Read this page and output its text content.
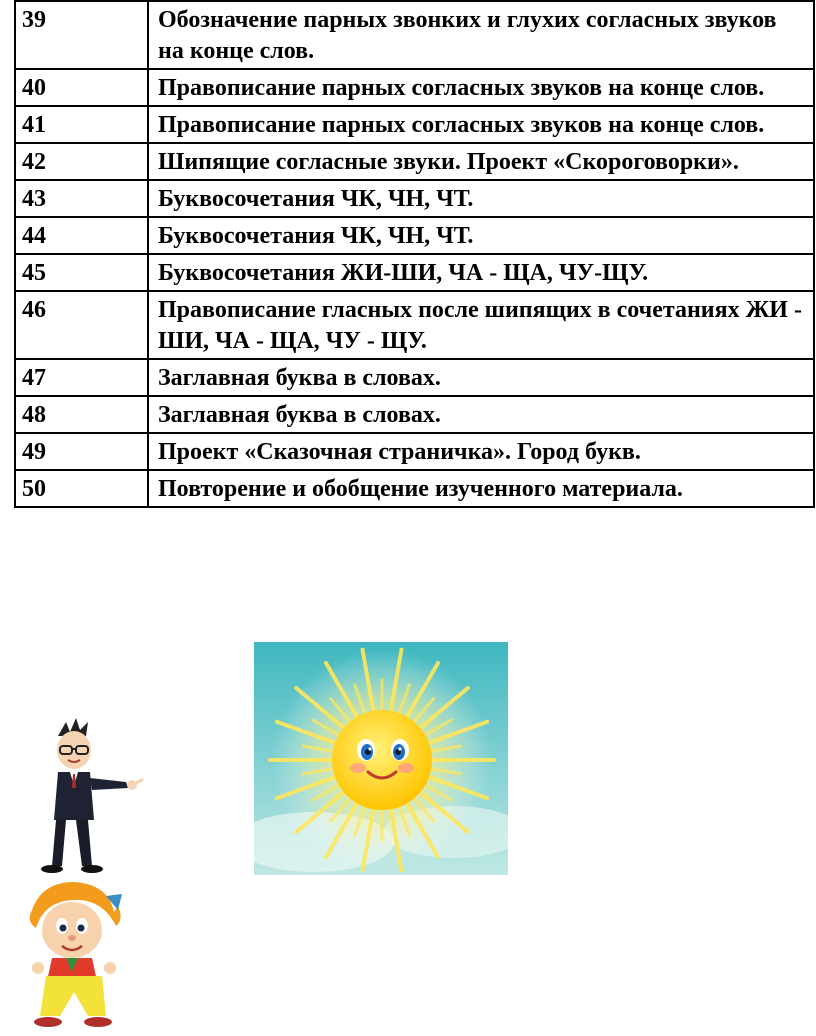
39	Обозначение парных звонких и глухих согласных звуков на конце слов.
40	Правописание парных согласных звуков на конце слов.
41	Правописание парных согласных звуков на конце слов.
42	Шипящие согласные звуки. Проект «Скороговорки».
43	Буквосочетания ЧК, ЧН, ЧТ.
44	Буквосочетания ЧК, ЧН, ЧТ.
45	Буквосочетания ЖИ-ШИ, ЧА - ЩА, ЧУ-ЩУ.
46	Правописание гласных после шипящих в сочетаниях ЖИ - ШИ, ЧА - ЩА, ЧУ - ЩУ.
47	Заглавная буква в словах.
48	Заглавная буква в словах.
49	Проект «Сказочная страничка». Город букв.
50	Повторение и обобщение изученного материала.
